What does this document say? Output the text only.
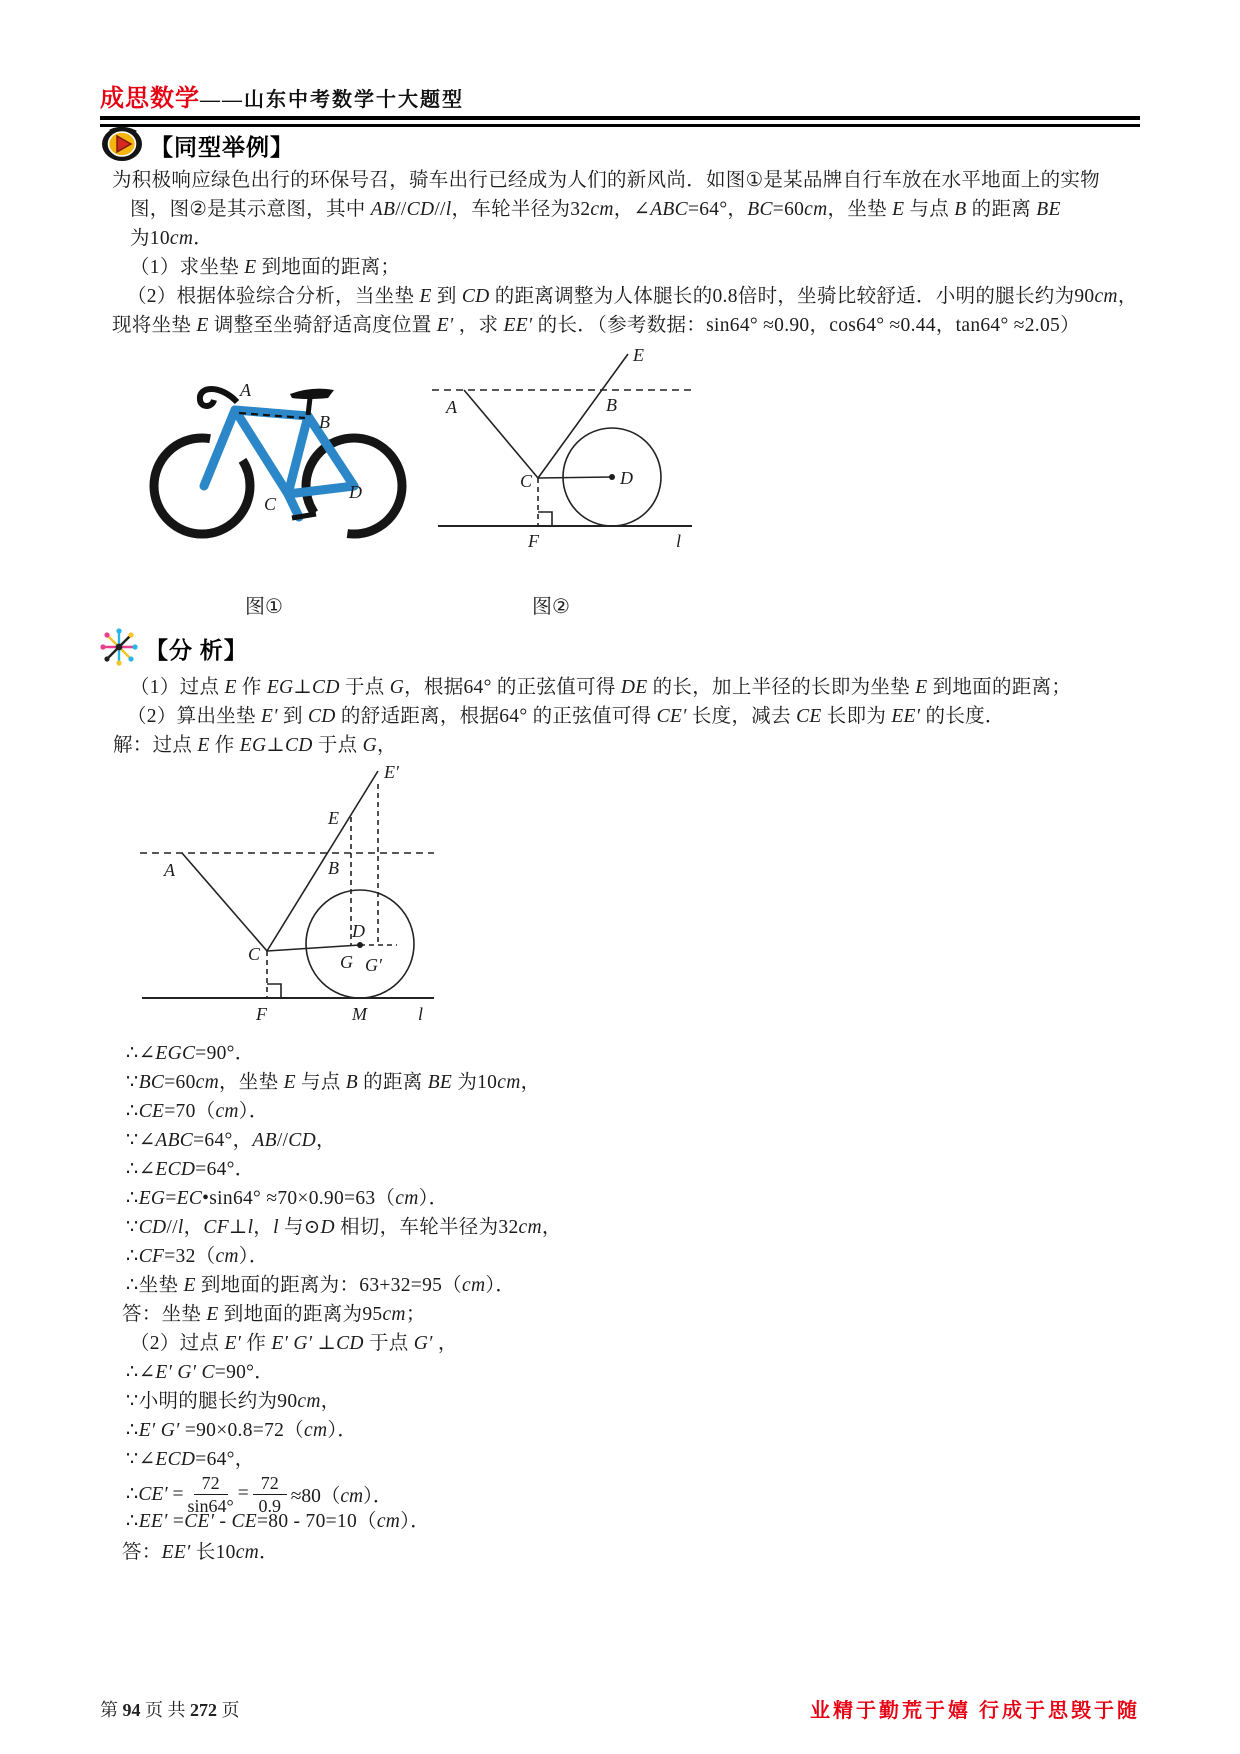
成思数学——山东中考数学十大题型
【同型举例】
为积极响应绿色出行的环保号召，骑车出行已经成为人们的新风尚．如图①是某品牌自行车放在水平地面上的实物
图，图②是其示意图，其中 AB//CD//l，车轮半径为32cm，∠ABC=64°，BC=60cm，坐垫 E 与点 B 的距离 BE
为10cm．
（1）求坐垫 E 到地面的距离；
（2）根据体验综合分析，当坐垫 E 到 CD 的距离调整为人体腿长的0.8倍时，坐骑比较舒适．小明的腿长约为90cm，
现将坐垫 E 调整至坐骑舒适高度位置 E′ ，求 EE′ 的长．（参考数据：sin64° ≈0.90，cos64° ≈0.44，tan64° ≈2.05）
A
B
C
D
图①
A	B
C	D
E
F	l
图②
【分 析】
（1）过点 E 作 EG⊥CD 于点 G，根据64° 的正弦值可得 DE 的长，加上半径的长即为坐垫 E 到地面的距离；
（2）算出坐垫 E′ 到 CD 的舒适距离，根据64° 的正弦值可得 CE′ 长度，减去 CE 长即为 EE′ 的长度．
解：过点 E 作 EG⊥CD 于点 G，
A	B
C
D
E
E′
F
G G′
M	l
∴∠EGC=90°．
∵BC=60cm，坐垫 E 与点 B 的距离 BE 为10cm，
∴CE=70（cm）．
∵∠ABC=64°，AB//CD，
∴∠ECD=64°．
∴EG=EC•sin64° ≈70×0.90=63（cm）．
∵CD//l，CF⊥l，l 与⊙D 相切，车轮半径为32cm，
∴CF=32（cm）．
∴坐垫 E 到地面的距离为：63+32=95（cm）．
答：坐垫 E 到地面的距离为95cm；
（2）过点 E′ 作 E′ G′ ⊥CD 于点 G′ ，
∴∠E′ G′ C=90°．
∵小明的腿长约为90cm，
∴E′ G′ =90×0.8=72（cm）．
∵∠ECD=64°，
∴CE′ = $\frac{72}{\sin 64^\circ} = \frac{72}{0.9} \approx 80(cm)$．
∴EE′ =CE′ - CE=80 - 70=10（cm）．
答：EE′ 长10cm．
第 94 页 共 272 页	业精于勤荒于嬉 行成于思毁于随
